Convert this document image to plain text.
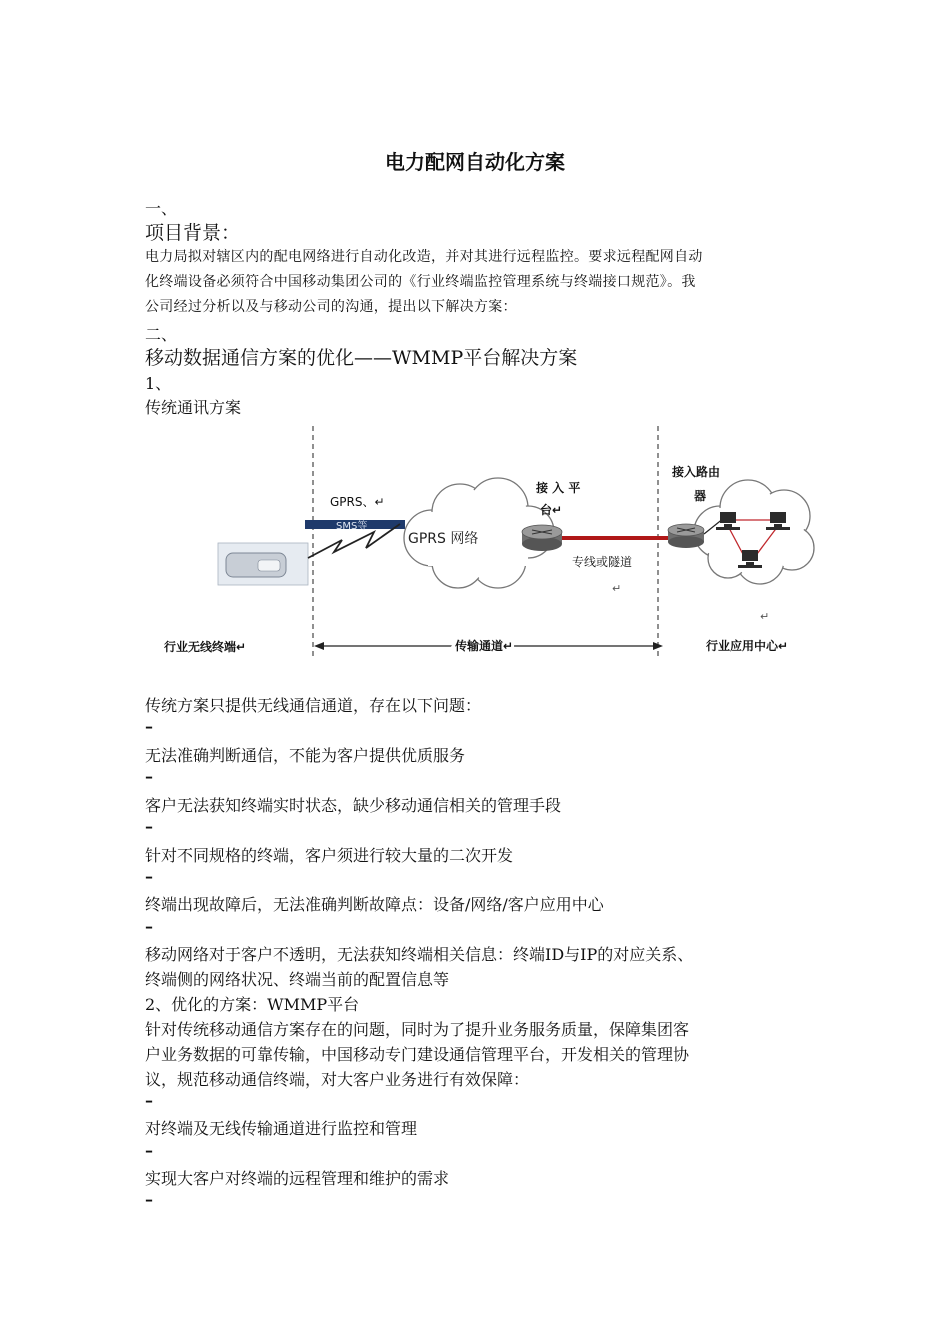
电力配网自动化方案
一、
项目背景：
电力局拟对辖区内的配电网络进行自动化改造，并对其进行远程监控。要求远程配网自动
化终端设备必须符合中国移动集团公司的《行业终端监控管理系统与终端接口规范》。我
公司经过分析以及与移动公司的沟通，提出以下解决方案：
二、
移动数据通信方案的优化——WMMP平台解决方案
1、
传统通讯方案
GPRS、↵
SMS等
GPRS 网络
接 入 平
台↵
专线或隧道
↵
接入路由
器
↵
行业无线终端↵	传输通道↵	行业应用中心↵
传统方案只提供无线通信通道，存在以下问题：
–
无法准确判断通信，不能为客户提供优质服务
–
客户无法获知终端实时状态，缺少移动通信相关的管理手段
–
针对不同规格的终端，客户须进行较大量的二次开发
–
终端出现故障后，无法准确判断故障点：设备/网络/客户应用中心
–
移动网络对于客户不透明，无法获知终端相关信息：终端ID与IP的对应关系、
终端侧的网络状况、终端当前的配置信息等
2、优化的方案：WMMP平台
针对传统移动通信方案存在的问题，同时为了提升业务服务质量，保障集团客
户业务数据的可靠传输，中国移动专门建设通信管理平台，开发相关的管理协
议，规范移动通信终端，对大客户业务进行有效保障：
–
对终端及无线传输通道进行监控和管理
–
实现大客户对终端的远程管理和维护的需求
–
